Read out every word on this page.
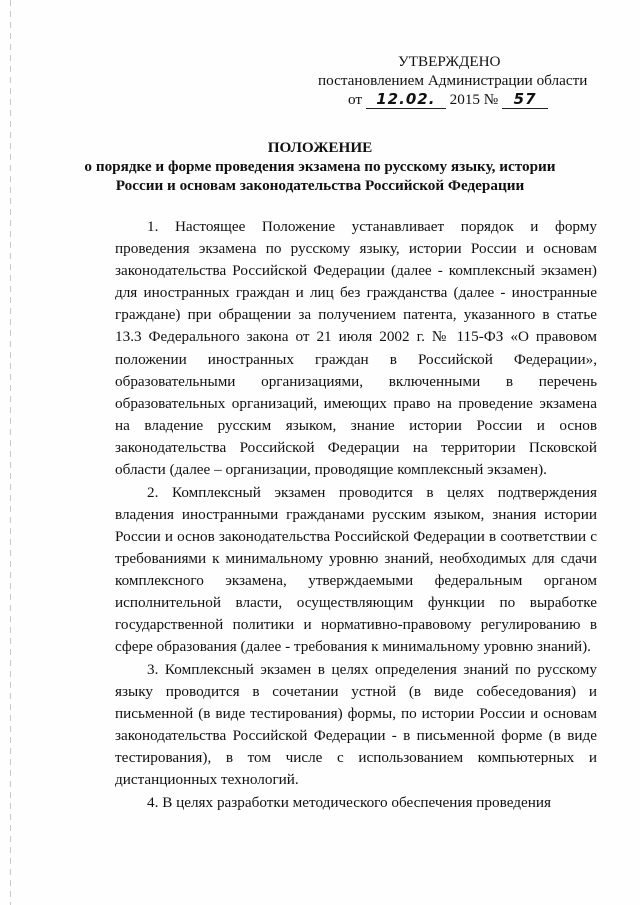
УТВЕРЖДЕНО
постановлением Администрации области
от 12.02. 2015 № 57
ПОЛОЖЕНИЕ
о порядке и форме проведения экзамена по русскому языку, истории
России и основам законодательства Российской Федерации

1. Настоящее Положение устанавливает порядок и форму проведения экзамена по русскому языку, истории России и основам законодательства Российской Федерации (далее - комплексный экзамен) для иностранных граждан и лиц без гражданства (далее - иностранные граждане) при обращении за получением патента, указанного в статье 13.3 Федерального закона от 21 июля 2002 г. № 115-ФЗ «О правовом положении иностранных граждан в Российской Федерации», образовательными организациями, включенными в перечень образовательных организаций, имеющих право на проведение экзамена на владение русским языком, знание истории России и основ законодательства Российской Федерации на территории Псковской области (далее – организации, проводящие комплексный экзамен).

2. Комплексный экзамен проводится в целях подтверждения владения иностранными гражданами русским языком, знания истории России и основ законодательства Российской Федерации в соответствии с требованиями к минимальному уровню знаний, необходимых для сдачи комплексного экзамена, утверждаемыми федеральным органом исполнительной власти, осуществляющим функции по выработке государственной политики и нормативно-правовому регулированию в сфере образования (далее - требования к минимальному уровню знаний).

3. Комплексный экзамен в целях определения знаний по русскому языку проводится в сочетании устной (в виде собеседования) и письменной (в виде тестирования) формы, по истории России и основам законодательства Российской Федерации - в письменной форме (в виде тестирования), в том числе с использованием компьютерных и дистанционных технологий.

4. В целях разработки методического обеспечения проведения
